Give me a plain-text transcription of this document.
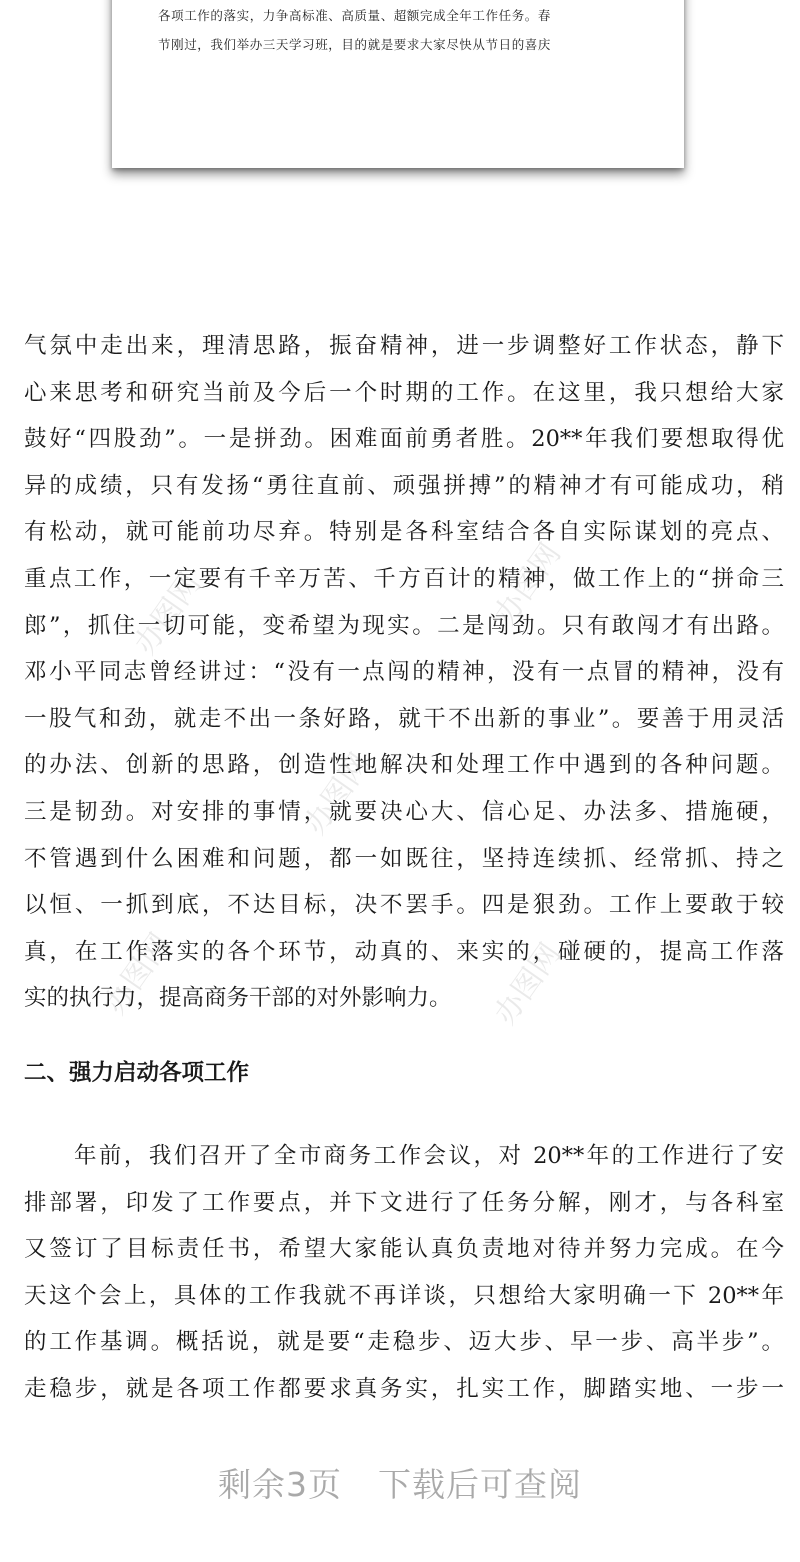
各项工作的落实，力争高标准、高质量、超额完成全年工作任务。春
节刚过，我们举办三天学习班，目的就是要求大家尽快从节日的喜庆
办图网	办图网
办图网
办图网	办图网
气氛中走出来，理清思路，振奋精神，进一步调整好工作状态，静下
心来思考和研究当前及今后一个时期的工作。在这里，我只想给大家
鼓好“四股劲”。一是拼劲。困难面前勇者胜。20**年我们要想取得优
异的成绩，只有发扬“勇往直前、顽强拼搏”的精神才有可能成功，稍
有松动，就可能前功尽弃。特别是各科室结合各自实际谋划的亮点、
重点工作，一定要有千辛万苦、千方百计的精神，做工作上的“拼命三
郎”，抓住一切可能，变希望为现实。二是闯劲。只有敢闯才有出路。
邓小平同志曾经讲过：“没有一点闯的精神，没有一点冒的精神，没有
一股气和劲，就走不出一条好路，就干不出新的事业”。要善于用灵活
的办法、创新的思路，创造性地解决和处理工作中遇到的各种问题。
三是韧劲。对安排的事情，就要决心大、信心足、办法多、措施硬，
不管遇到什么困难和问题，都一如既往，坚持连续抓、经常抓、持之
以恒、一抓到底，不达目标，决不罢手。四是狠劲。工作上要敢于较
真，在工作落实的各个环节，动真的、来实的，碰硬的，提高工作落
实的执行力，提高商务干部的对外影响力。
二、强力启动各项工作
　　年前，我们召开了全市商务工作会议，对 20**年的工作进行了安
排部署，印发了工作要点，并下文进行了任务分解，刚才，与各科室
又签订了目标责任书，希望大家能认真负责地对待并努力完成。在今
天这个会上，具体的工作我就不再详谈，只想给大家明确一下 20**年
的工作基调。概括说，就是要“走稳步、迈大步、早一步、高半步”。
走稳步，就是各项工作都要求真务实，扎实工作，脚踏实地、一步一
剩余3页 下载后可查阅
